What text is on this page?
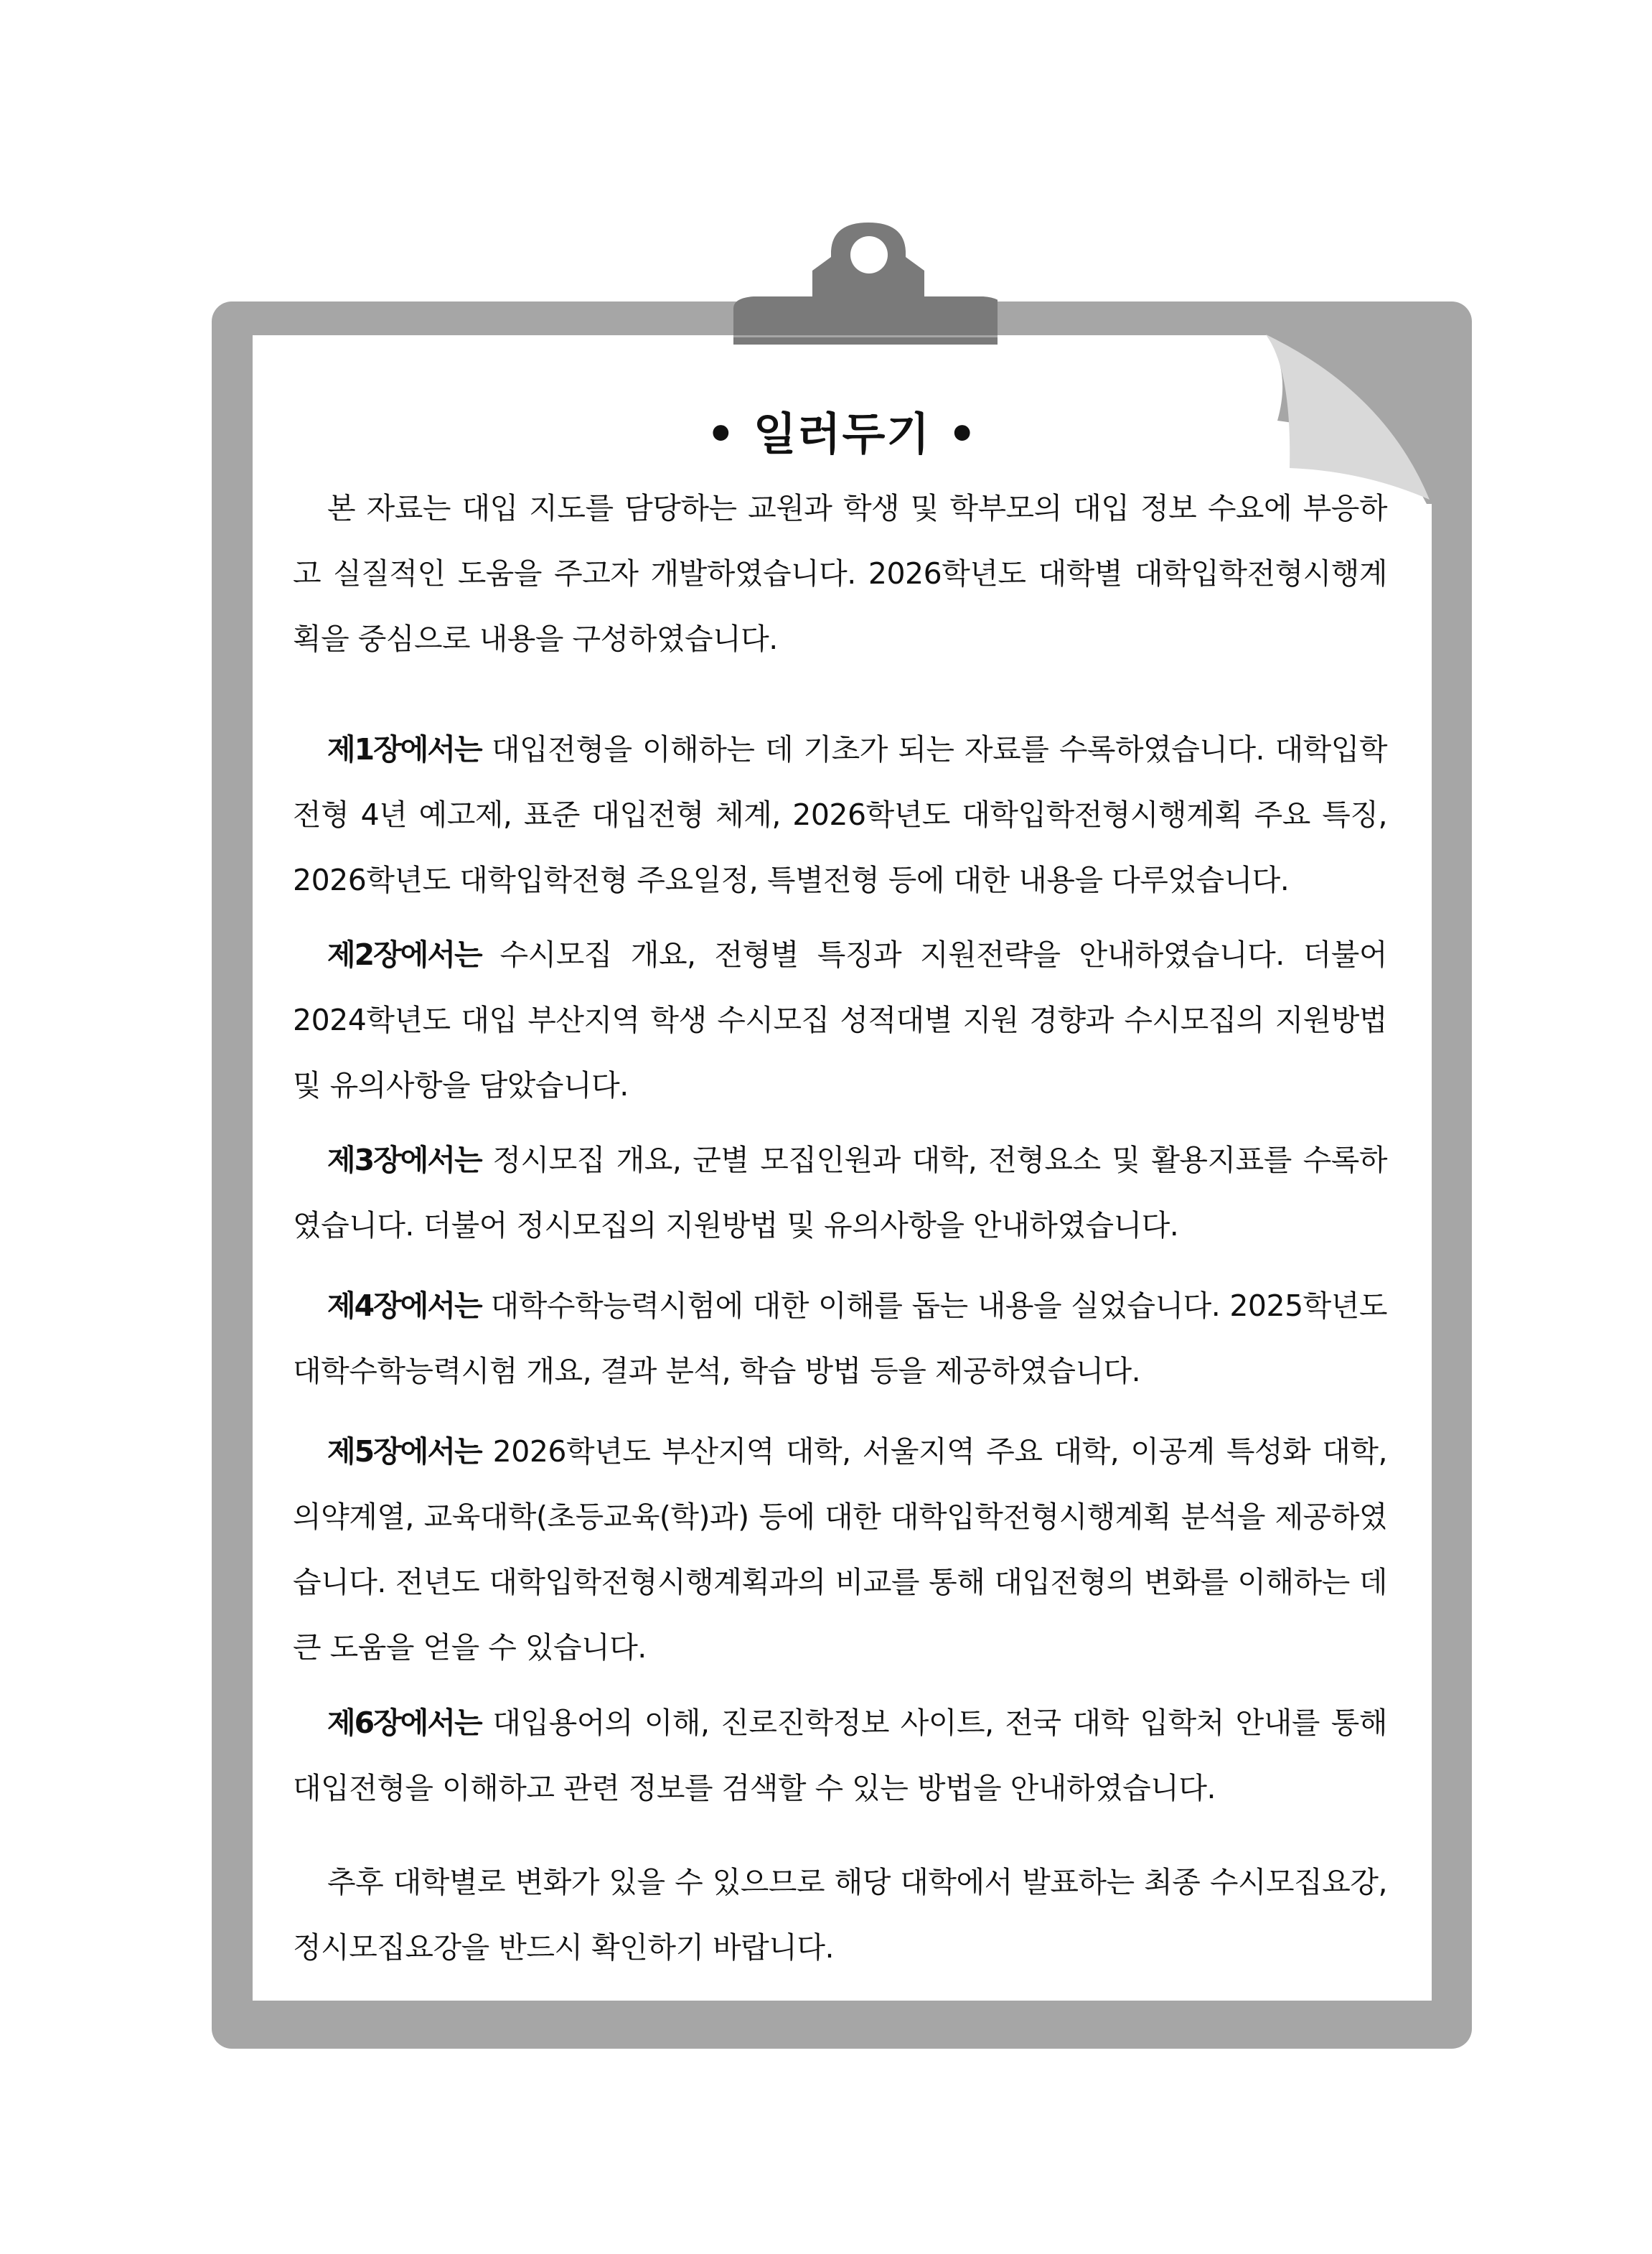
• 일러두기 •

본 자료는 대입 지도를 담당하는 교원과 학생 및 학부모의 대입 정보 수요에 부응하고 실질적인 도움을 주고자 개발하였습니다. 2026학년도 대학별 대학입학전형시행계획을 중심으로 내용을 구성하였습니다.

제1장에서는 대입전형을 이해하는 데 기초가 되는 자료를 수록하였습니다. 대학입학전형 4년 예고제, 표준 대입전형 체계, 2026학년도 대학입학전형시행계획 주요 특징, 2026학년도 대학입학전형 주요일정, 특별전형 등에 대한 내용을 다루었습니다.

제2장에서는 수시모집 개요, 전형별 특징과 지원전략을 안내하였습니다. 더불어 2024학년도 대입 부산지역 학생 수시모집 성적대별 지원 경향과 수시모집의 지원방법 및 유의사항을 담았습니다.

제3장에서는 정시모집 개요, 군별 모집인원과 대학, 전형요소 및 활용지표를 수록하였습니다. 더불어 정시모집의 지원방법 및 유의사항을 안내하였습니다.

제4장에서는 대학수학능력시험에 대한 이해를 돕는 내용을 실었습니다. 2025학년도 대학수학능력시험 개요, 결과 분석, 학습 방법 등을 제공하였습니다.

제5장에서는 2026학년도 부산지역 대학, 서울지역 주요 대학, 이공계 특성화 대학, 의약계열, 교육대학(초등교육(학)과) 등에 대한 대학입학전형시행계획 분석을 제공하였습니다. 전년도 대학입학전형시행계획과의 비교를 통해 대입전형의 변화를 이해하는 데 큰 도움을 얻을 수 있습니다.

제6장에서는 대입용어의 이해, 진로진학정보 사이트, 전국 대학 입학처 안내를 통해 대입전형을 이해하고 관련 정보를 검색할 수 있는 방법을 안내하였습니다.

추후 대학별로 변화가 있을 수 있으므로 해당 대학에서 발표하는 최종 수시모집요강, 정시모집요강을 반드시 확인하기 바랍니다.
